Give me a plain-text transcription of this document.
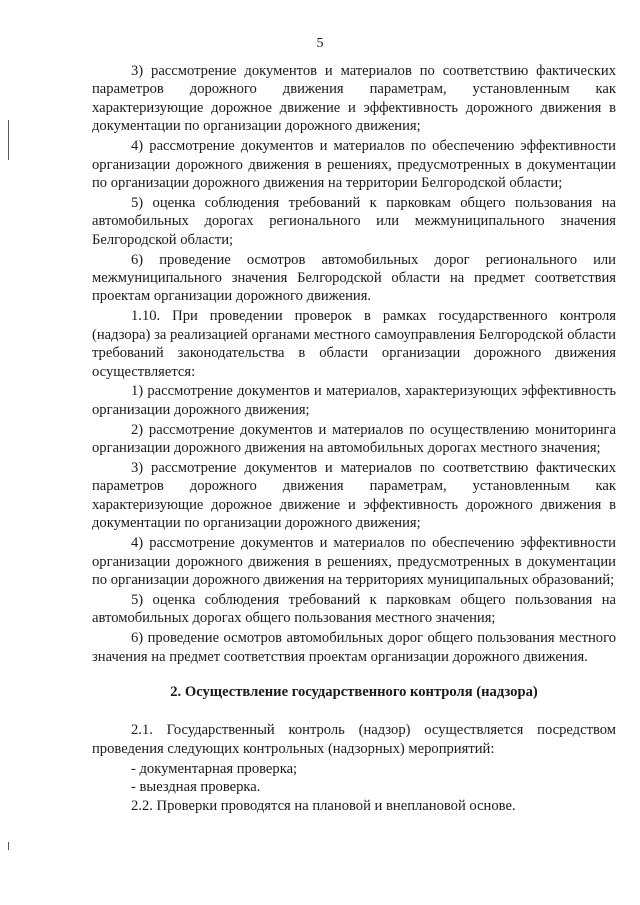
5

3) рассмотрение документов и материалов по соответствию фактических параметров дорожного движения параметрам, установленным как характеризующие дорожное движение и эффективность дорожного движения в документации по организации дорожного движения;

4) рассмотрение документов и материалов по обеспечению эффективности организации дорожного движения в решениях, предусмотренных в документации по организации дорожного движения на территории Белгородской области;

5) оценка соблюдения требований к парковкам общего пользования на автомобильных дорогах регионального или межмуниципального значения Белгородской области;

6) проведение осмотров автомобильных дорог регионального или межмуниципального значения Белгородской области на предмет соответствия проектам организации дорожного движения.

1.10. При проведении проверок в рамках государственного контроля (надзора) за реализацией органами местного самоуправления Белгородской области требований законодательства в области организации дорожного движения осуществляется:

1) рассмотрение документов и материалов, характеризующих эффективность организации дорожного движения;

2) рассмотрение документов и материалов по осуществлению мониторинга организации дорожного движения на автомобильных дорогах местного значения;

3) рассмотрение документов и материалов по соответствию фактических параметров дорожного движения параметрам, установленным как характеризующие дорожное движение и эффективность дорожного движения в документации по организации дорожного движения;

4) рассмотрение документов и материалов по обеспечению эффективности организации дорожного движения в решениях, предусмотренных в документации по организации дорожного движения на территориях муниципальных образований;

5) оценка соблюдения требований к парковкам общего пользования на автомобильных дорогах общего пользования местного значения;

6) проведение осмотров автомобильных дорог общего пользования местного значения на предмет соответствия проектам организации дорожного движения.

2. Осуществление государственного контроля (надзора)

2.1. Государственный контроль (надзор) осуществляется посредством проведения следующих контрольных (надзорных) мероприятий:

- документарная проверка;

- выездная проверка.

2.2. Проверки проводятся на плановой и внеплановой основе.
